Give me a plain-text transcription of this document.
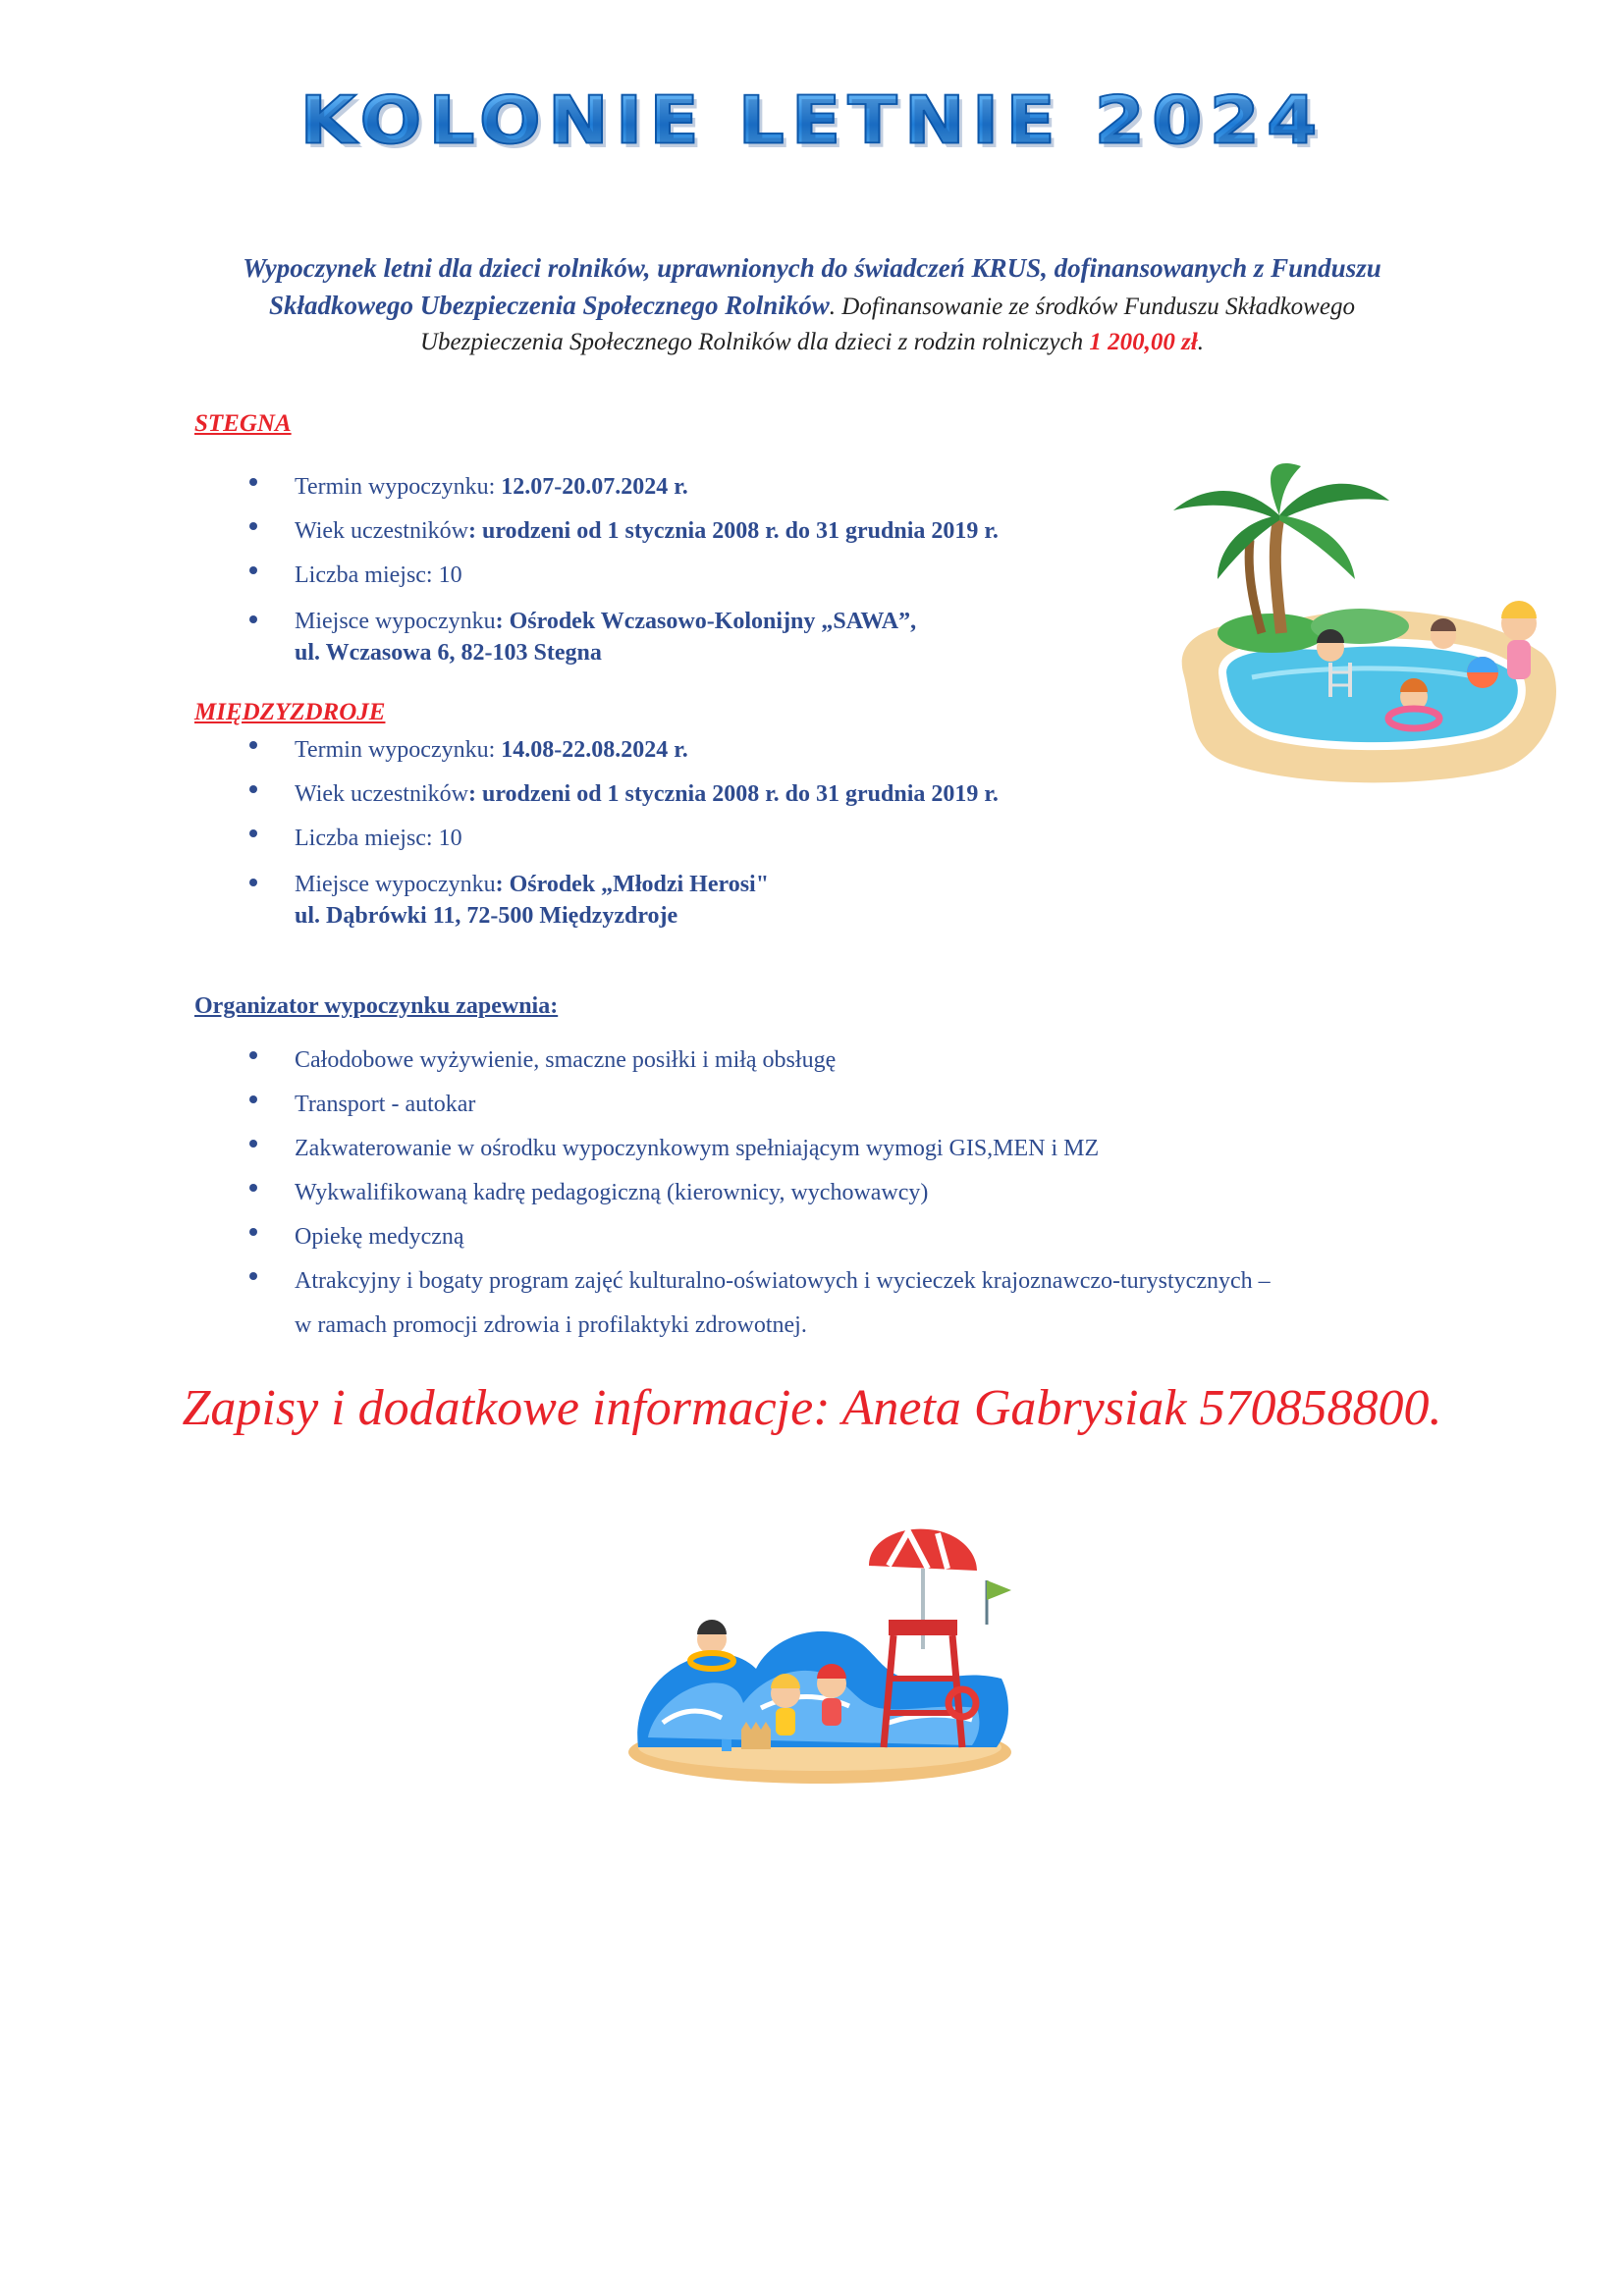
KOLONIE LETNIE 2024
Wypoczynek letni dla dzieci rolników, uprawnionych do świadczeń KRUS, dofinansowanych z Funduszu Składkowego Ubezpieczenia Społecznego Rolników. Dofinansowanie ze środków Funduszu Składkowego Ubezpieczenia Społecznego Rolników dla dzieci z rodzin rolniczych 1 200,00 zł.
STEGNA
Termin wypoczynku: 12.07-20.07.2024 r.
Wiek uczestników: urodzeni od 1 stycznia 2008 r. do 31 grudnia 2019 r.
Liczba miejsc: 10
Miejsce wypoczynku: Ośrodek Wczasowo-Kolonijny „SAWA”,
ul. Wczasowa 6, 82-103 Stegna
MIĘDZYZDROJE
Termin wypoczynku: 14.08-22.08.2024 r.
Wiek uczestników: urodzeni od 1 stycznia 2008 r. do 31 grudnia 2019 r.
Liczba miejsc: 10
Miejsce wypoczynku: Ośrodek „Młodzi Herosi"
ul. Dąbrówki 11, 72-500 Międzyzdroje
Organizator wypoczynku zapewnia:
Całodobowe wyżywienie, smaczne posiłki i miłą obsługę
Transport - autokar
Zakwaterowanie w ośrodku wypoczynkowym spełniającym wymogi GIS,MEN i MZ
Wykwalifikowaną kadrę pedagogiczną (kierownicy, wychowawcy)
Opiekę medyczną
Atrakcyjny i bogaty program zajęć kulturalno-oświatowych i wycieczek krajoznawczo-turystycznych –
w ramach promocji zdrowia i profilaktyki zdrowotnej.
Zapisy i dodatkowe informacje: Aneta Gabrysiak 570858800.
